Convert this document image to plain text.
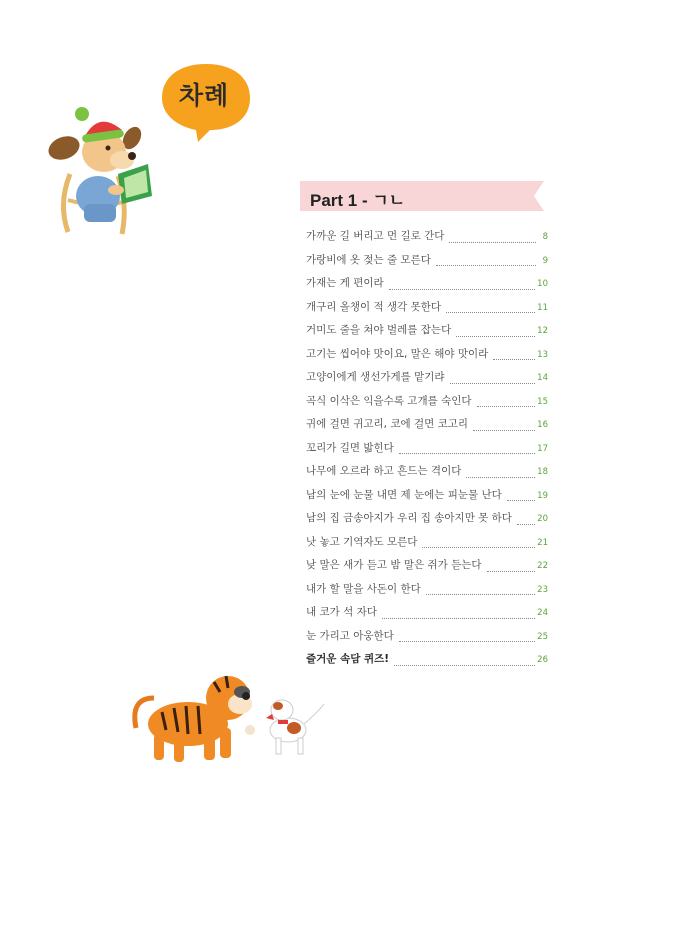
차례
Part 1 - ㄱㄴ
가까운 길 버리고 먼 길로 간다	8
가랑비에 옷 젖는 줄 모른다	9
가재는 게 편이라	10
개구리 올챙이 적 생각 못한다	11
거미도 줄을 쳐야 벌레를 잡는다	12
고기는 씹어야 맛이요, 말은 해야 맛이라	13
고양이에게 생선가게를 맡기랴	14
곡식 이삭은 익을수록 고개를 숙인다	15
귀에 걸면 귀고리, 코에 걸면 코고리	16
꼬리가 길면 밟힌다	17
나무에 오르라 하고 흔드는 격이다	18
남의 눈에 눈물 내면 제 눈에는 피눈물 난다	19
남의 집 금송아지가 우리 집 송아지만 못 하다	20
낫 놓고 기역자도 모른다	21
낮 말은 새가 듣고 밤 말은 쥐가 듣는다	22
내가 할 말을 사돈이 한다	23
내 코가 석 자다	24
눈 가리고 아웅한다	25
즐거운 속담 퀴즈!	26
